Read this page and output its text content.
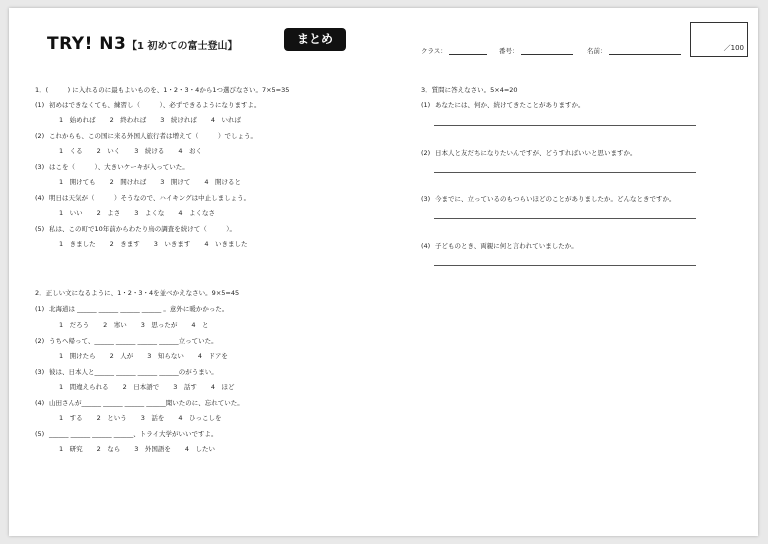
TRY! N3 【1 初めての富士登山】
まとめ
クラス：	番号：	名前：	／100
1．(　　　) に入れるのに最もよいものを、1・2・3・4から1つ選びなさい。7×5=35
(1) 初めはできなくても、練習し（　　　）、必ずできるようになりますよ。
1　始めれば 2　終われば 3　続ければ 4　いれば
(2) これからも、この国に来る外国人旅行者は増えて（　　　）でしょう。
1　くる 2　いく 3　続ける 4　おく
(3) はこを（　　　）、大きいケーキが入っていた。
1　開けても 2　開ければ 3　開けて 4　開けると
(4) 明日は天気が（　　　）そうなので、ハイキングは中止しましょう。
1　いい 2　よさ 3　よくな 4　よくなさ
(5) 私は、この町で10年前からわたり鳥の調査を続けて（　　　）。
1　きました 2　きます 3　いきます 4　いきました
2．正しい文になるように、1・2・3・4を並べかえなさい。9×5=45
(1) 北海道は ______ ______ ______ ______ 。意外に暖かかった。
1　だろう 2　寒い 3　思ったが 4　と
(2) うちへ帰って、______ ______ ______ ______立っていた。
1　開けたら 2　人が 3　知らない 4　ドアを
(3) 彼は、日本人と______ ______ ______ ______のがうまい。
1　間違えられる 2　日本語で 3　話す 4　ほど
(4) 山田さんが______ ______ ______ ______聞いたのに、忘れていた。
1　する 2　という 3　話を 4　ひっこしを
(5) ______ ______ ______ ______、トライ大学がいいですよ。
1　研究 2　なら 3　外国語を 4　したい
3．質問に答えなさい。5×4=20
(1) あなたには、何か、続けてきたことがありますか。
(2) 日本人と友だちになりたいんですが、どうすればいいと思いますか。
(3) 今までに、立っているのもつらいほどのことがありましたか。どんなときですか。
(4) 子どものとき、両親に何と言われていましたか。
